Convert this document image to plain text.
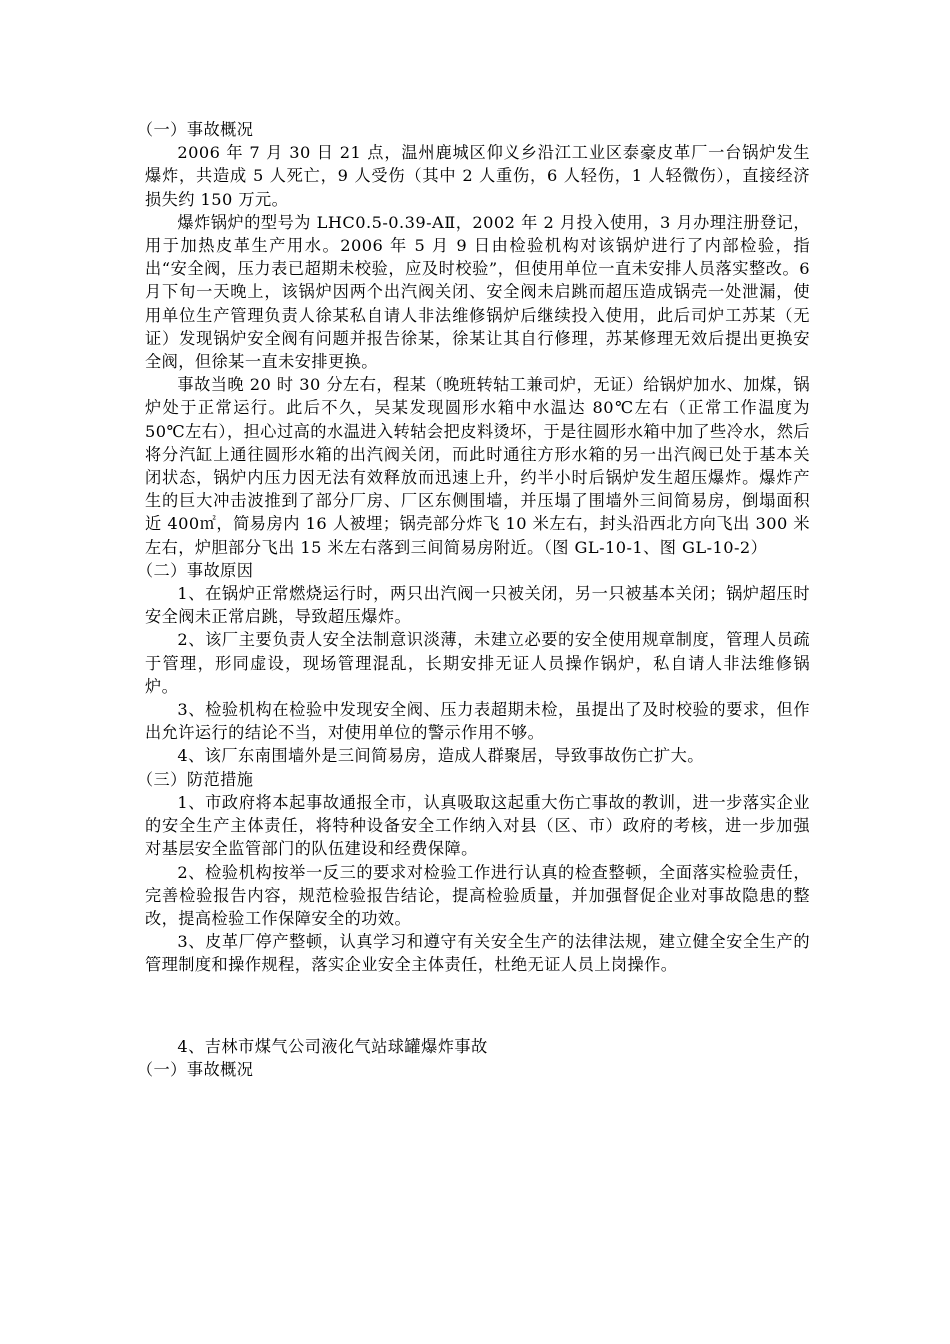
（一）事故概况

2006 年 7 月 30 日 21 点，温州鹿城区仰义乡沿江工业区泰豪皮革厂一台锅炉发生爆炸，共造成 5 人死亡，9 人受伤（其中 2 人重伤，6 人轻伤，1 人轻微伤），直接经济损失约 150 万元。

爆炸锅炉的型号为 LHC0.5-0.39-AⅡ，2002 年 2 月投入使用，3 月办理注册登记，用于加热皮革生产用水。2006 年 5 月 9 日由检验机构对该锅炉进行了内部检验，指出“安全阀，压力表已超期未校验，应及时校验”，但使用单位一直未安排人员落实整改。6 月下旬一天晚上，该锅炉因两个出汽阀关闭、安全阀未启跳而超压造成锅壳一处泄漏，使用单位生产管理负责人徐某私自请人非法维修锅炉后继续投入使用，此后司炉工苏某（无证）发现锅炉安全阀有问题并报告徐某，徐某让其自行修理，苏某修理无效后提出更换安全阀，但徐某一直未安排更换。

事故当晚 20 时 30 分左右，程某（晚班转轱工兼司炉，无证）给锅炉加水、加煤，锅炉处于正常运行。此后不久，吴某发现圆形水箱中水温达 80℃左右（正常工作温度为 50℃左右），担心过高的水温进入转轱会把皮料烫坏，于是往圆形水箱中加了些冷水，然后将分汽缸上通往圆形水箱的出汽阀关闭，而此时通往方形水箱的另一出汽阀已处于基本关闭状态，锅炉内压力因无法有效释放而迅速上升，约半小时后锅炉发生超压爆炸。爆炸产生的巨大冲击波推到了部分厂房、厂区东侧围墙，并压塌了围墙外三间简易房，倒塌面积近 400㎡，简易房内 16 人被埋；锅壳部分炸飞 10 米左右，封头沿西北方向飞出 300 米左右，炉胆部分飞出 15 米左右落到三间简易房附近。（图 GL-10-1、图 GL-10-2）

（二）事故原因

1、在锅炉正常燃烧运行时，两只出汽阀一只被关闭，另一只被基本关闭；锅炉超压时安全阀未正常启跳，导致超压爆炸。

2、该厂主要负责人安全法制意识淡薄，未建立必要的安全使用规章制度，管理人员疏于管理，形同虚设，现场管理混乱，长期安排无证人员操作锅炉，私自请人非法维修锅炉。

3、检验机构在检验中发现安全阀、压力表超期未检，虽提出了及时校验的要求，但作出允许运行的结论不当，对使用单位的警示作用不够。

4、该厂东南围墙外是三间简易房，造成人群聚居，导致事故伤亡扩大。

（三）防范措施

1、市政府将本起事故通报全市，认真吸取这起重大伤亡事故的教训，进一步落实企业的安全生产主体责任，将特种设备安全工作纳入对县（区、市）政府的考核，进一步加强对基层安全监管部门的队伍建设和经费保障。

2、检验机构按举一反三的要求对检验工作进行认真的检查整顿，全面落实检验责任，完善检验报告内容，规范检验报告结论，提高检验质量，并加强督促企业对事故隐患的整改，提高检验工作保障安全的功效。

3、皮革厂停产整顿，认真学习和遵守有关安全生产的法律法规，建立健全安全生产的管理制度和操作规程，落实企业安全主体责任，杜绝无证人员上岗操作。

4、吉林市煤气公司液化气站球罐爆炸事故

（一）事故概况
